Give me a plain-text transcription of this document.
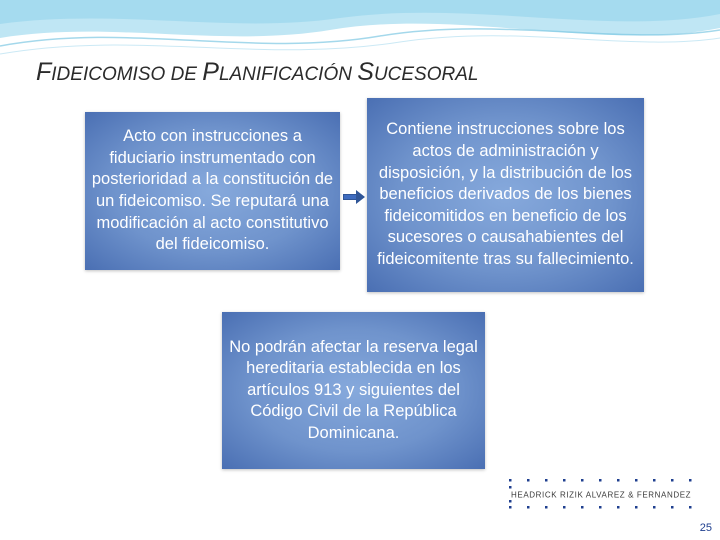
FIDEICOMISO DE PLANIFICACIÓN SUCESORAL
Acto con instrucciones a fiduciario instrumentado con posterioridad a la constitución de un fideicomiso. Se reputará una modificación al acto constitutivo del fideicomiso.
Contiene instrucciones sobre los actos de administración y disposición, y la distribución de los beneficios derivados de los bienes fideicomitidos en beneficio de los sucesores o causahabientes del fideicomitente tras su fallecimiento.
No podrán afectar la reserva legal hereditaria establecida en los artículos 913 y siguientes del Código Civil de la República Dominicana.
HEADRICK RIZIK ALVAREZ & FERNANDEZ
25
